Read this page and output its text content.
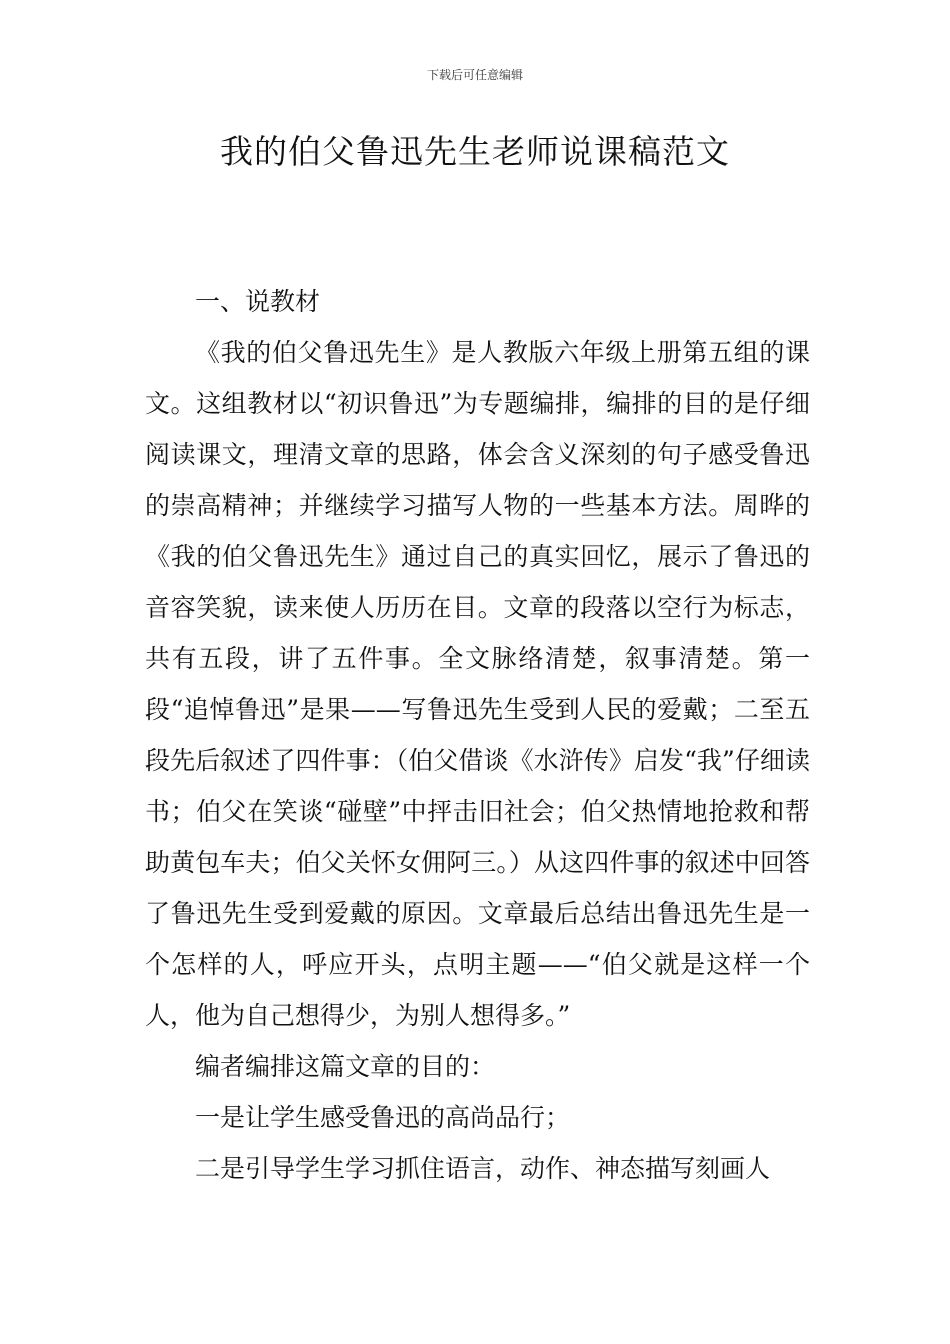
下载后可任意编辑
我的伯父鲁迅先生老师说课稿范文
一、说教材

《我的伯父鲁迅先生》是人教版六年级上册第五组的课文。这组教材以“初识鲁迅”为专题编排，编排的目的是仔细阅读课文，理清文章的思路，体会含义深刻的句子感受鲁迅的崇高精神；并继续学习描写人物的一些基本方法。周晔的《我的伯父鲁迅先生》通过自己的真实回忆，展示了鲁迅的音容笑貌，读来使人历历在目。文章的段落以空行为标志，共有五段，讲了五件事。全文脉络清楚，叙事清楚。第一段“追悼鲁迅”是果——写鲁迅先生受到人民的爱戴；二至五段先后叙述了四件事：（伯父借谈《水浒传》启发“我”仔细读书；伯父在笑谈“碰壁”中抨击旧社会；伯父热情地抢救和帮助黄包车夫；伯父关怀女佣阿三。）从这四件事的叙述中回答了鲁迅先生受到爱戴的原因。文章最后总结出鲁迅先生是一个怎样的人，呼应开头，点明主题——“伯父就是这样一个人，他为自己想得少，为别人想得多。”

编者编排这篇文章的目的：

一是让学生感受鲁迅的高尚品行；

二是引导学生学习抓住语言，动作、神态描写刻画人
